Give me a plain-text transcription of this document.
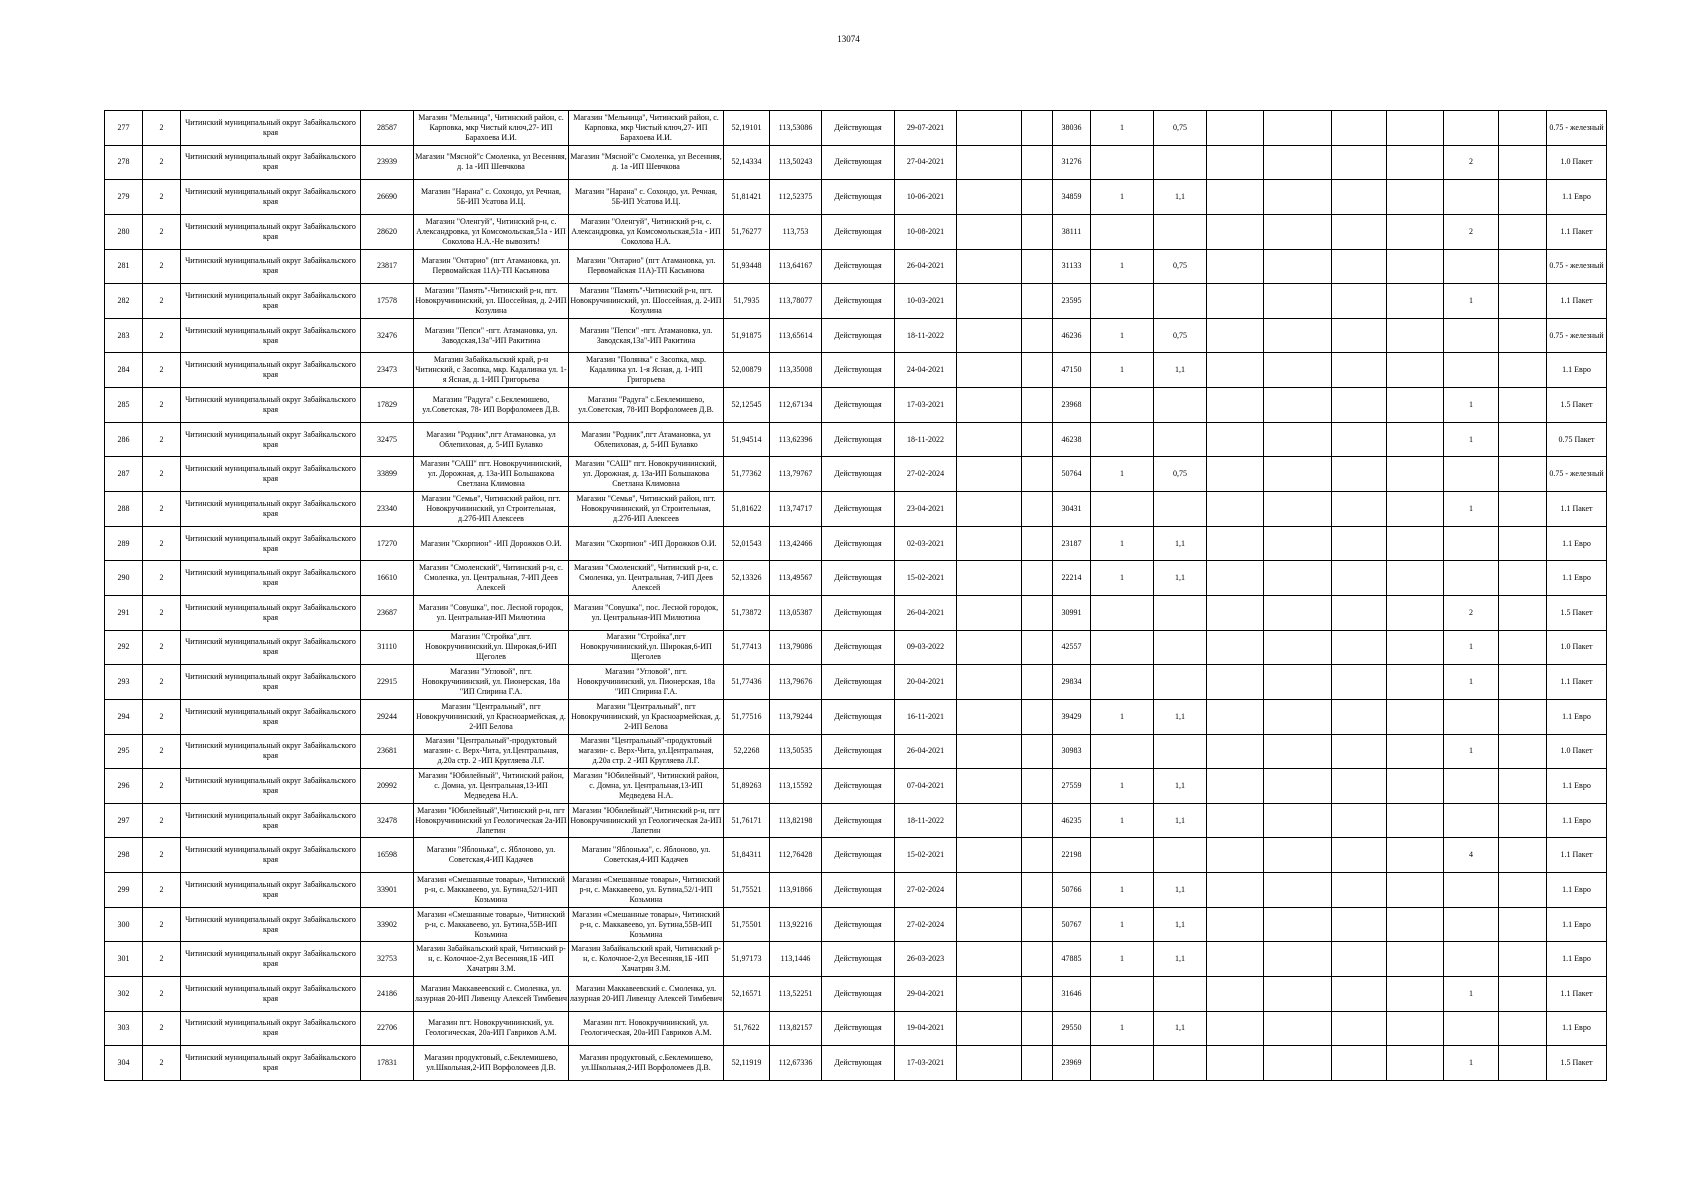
13074
277	2	Читинский муниципальный округ Забайкальского края	28587	Магазин "Мельница", Читинский район, с. Карповка, мкр Чистый ключ,27- ИП Барахоева И.И.	Магазин "Мельница", Читинский район, с. Карповка, мкр Чистый ключ,27- ИП Барахоева И.И.	52,19101	113,53086	Действующая	29-07-2021			38036	1	0,75							0.75 - железный
278	2	Читинский муниципальный округ Забайкальского края	23939	Магазин "Мясной"с Смоленка, ул Весенняя, д. 1а -ИП Шевчкова	Магазин "Мясной"с Смоленка, ул Весенняя, д. 1а -ИП Шевчкова	52,14334	113,50243	Действующая	27-04-2021			31276							2		1.0 Пакет
279	2	Читинский муниципальный округ Забайкальского края	26690	Магазин "Нарана" с. Сохондо, ул Речная, 5Б-ИП Усатова И.Ц.	Магазин "Нарана" с. Сохондо, ул. Речная, 5Б-ИП Усатова И.Ц.	51,81421	112,52375	Действующая	10-06-2021			34859	1	1,1							1.1 Евро
280	2	Читинский муниципальный округ Забайкальского края	28620	Магазин "Оленгуй", Читинский р-н, с. Александровка, ул Комсомольская,51а - ИП Соколова Н.А.-Не вывозить!	Магазин "Оленгуй", Читинский р-н, с. Александровка, ул Комсомольская,51а - ИП Соколова Н.А.	51,76277	113,753	Действующая	10-08-2021			38111							2		1.1 Пакет
281	2	Читинский муниципальный округ Забайкальского края	23817	Магазин "Онтарио" (пгт Атамановка, ул. Первомайская 11А)-ТП Касьянова	Магазин "Онтарио" (пгт Атамановка, ул. Первомайская 11А)-ТП Касьянова	51,93448	113,64167	Действующая	26-04-2021			31133	1	0,75							0.75 - железный
282	2	Читинский муниципальный округ Забайкальского края	17578	Магазин "Память"-Читинский р-н, пгт. Новокручининский, ул. Шоссейная, д. 2-ИП Козулина	Магазин "Память"-Читинский р-н, пгт. Новокручининский, ул. Шоссейная, д. 2-ИП Козулина	51,7935	113,78077	Действующая	10-03-2021			23595							1		1.1 Пакет
283	2	Читинский муниципальный округ Забайкальского края	32476	Магазин "Пепси" -пгт. Атамановка, ул. Заводская,13а"-ИП Ракитина	Магазин "Пепси" -пгт. Атамановка, ул. Заводская,13а"-ИП Ракитина	51,91875	113,65614	Действующая	18-11-2022			46236	1	0,75							0.75 - железный
284	2	Читинский муниципальный округ Забайкальского края	23473	Магазин Забайкальский край, р-н Читинский, с Засопка, мкр. Кадалинка ул. 1-я Ясная, д. 1-ИП Григорьева	Магазин "Полянка" с Засопка, мкр. Кадалинка ул. 1-я Ясная, д. 1-ИП Григорьева	52,00879	113,35008	Действующая	24-04-2021			47150	1	1,1							1.1 Евро
285	2	Читинский муниципальный округ Забайкальского края	17829	Магазин "Радуга" с.Беклемишево, ул.Советская, 78- ИП Ворфоломеев Д.В.	Магазин "Радуга" с.Беклемишево, ул.Советская, 78-ИП Ворфоломеев Д.В.	52,12545	112,67134	Действующая	17-03-2021			23968							1		1.5 Пакет
286	2	Читинский муниципальный округ Забайкальского края	32475	Магазин "Родник",пгт Атамановка, ул Облепиховая, д. 5-ИП Булавко	Магазин "Родник",пгт Атамановка, ул Облепиховая, д. 5-ИП Булавко	51,94514	113,62396	Действующая	18-11-2022			46238							1		0.75 Пакет
287	2	Читинский муниципальный округ Забайкальского края	33899	Магазин "САШ" пгт. Новокручининский, ул. Дорожная, д. 13а-ИП Большакова Светлана Климовна	Магазин "САШ" пгт. Новокручининский, ул. Дорожная, д. 13а-ИП Большакова Светлана Климовна	51,77362	113,79767	Действующая	27-02-2024			50764	1	0,75							0.75 - железный
288	2	Читинский муниципальный округ Забайкальского края	23340	Магазин "Семья", Читинский район, пгт. Новокручининский, ул Строительная, д.27б-ИП Алексеев	Магазин "Семья", Читинский район, пгт. Новокручининский, ул Строительная, д.27б-ИП Алексеев	51,81622	113,74717	Действующая	23-04-2021			30431							1		1.1 Пакет
289	2	Читинский муниципальный округ Забайкальского края	17270	Магазин "Скорпион" -ИП Дорожков О.И.	Магазин "Скорпион" -ИП Дорожков О.И.	52,01543	113,42466	Действующая	02-03-2021			23187	1	1,1							1.1 Евро
290	2	Читинский муниципальный округ Забайкальского края	16610	Магазин "Смоленский", Читинский р-н, с. Смоленка, ул. Центральная, 7-ИП Деев Алексей	Магазин "Смоленский", Читинский р-н, с. Смоленка, ул. Центральная, 7-ИП Деев Алексей	52,13326	113,49567	Действующая	15-02-2021			22214	1	1,1							1.1 Евро
291	2	Читинский муниципальный округ Забайкальского края	23687	Магазин "Совушка", пос. Лесной городок, ул. Центральная-ИП Милютина	Магазин "Совушка", пос. Лесной городок, ул. Центральная-ИП Милютина	51,73872	113,05387	Действующая	26-04-2021			30991							2		1.5 Пакет
292	2	Читинский муниципальный округ Забайкальского края	31110	Магазин "Стройка",пгт. Новокручининский,ул. Широкая,6-ИП Щеголев	Магазин "Стройка",пгт Новокручининский,ул. Широкая,6-ИП Щеголев	51,77413	113,79086	Действующая	09-03-2022			42557							1		1.0 Пакет
293	2	Читинский муниципальный округ Забайкальского края	22915	Магазин "Угловой", пгт. Новокручининский, ул. Пионерская, 18а "ИП Спирина Г.А.	Магазин "Угловой", пгт. Новокручининский, ул. Пионерская, 18а "ИП Спирина Г.А.	51,77436	113,79676	Действующая	20-04-2021			29834							1		1.1 Пакет
294	2	Читинский муниципальный округ Забайкальского края	29244	Магазин "Центральный", пгт Новокручининский, ул Красноармейская, д. 2-ИП Белова	Магазин "Центральный", пгт Новокручининский, ул Красноармейская, д. 2-ИП Белова	51,77516	113,79244	Действующая	16-11-2021			39429	1	1,1							1.1 Евро
295	2	Читинский муниципальный округ Забайкальского края	23681	Магазин "Центральный"-продуктовый магазин- с. Верх-Чита, ул.Центральная, д.20а стр. 2 -ИП Кругляева Л.Г.	Магазин "Центральный"-продуктовый магазин- с. Верх-Чита, ул.Центральная, д.20а стр. 2 -ИП Кругляева Л.Г.	52,2268	113,50535	Действующая	26-04-2021			30983							1		1.0 Пакет
296	2	Читинский муниципальный округ Забайкальского края	20992	Магазин "Юбилейный", Читинский район, с. Домна, ул. Центральная,13-ИП Медведева Н.А.	Магазин "Юбилейный", Читинский район, с. Домна, ул. Центральная,13-ИП Медведева Н.А.	51,89263	113,15592	Действующая	07-04-2021			27559	1	1,1							1.1 Евро
297	2	Читинский муниципальный округ Забайкальского края	32478	Магазин "Юбилейный",Читинский р-н, пгт Новокручининский ул Геологическая 2а-ИП Лапетин	Магазин "Юбилейный",Читинский р-н, пгт Новокручининский ул Геологическая 2а-ИП Лапетин	51,76171	113,82198	Действующая	18-11-2022			46235	1	1,1							1.1 Евро
298	2	Читинский муниципальный округ Забайкальского края	16598	Магазин "Яблонька", с. Яблоново, ул. Советская,4-ИП Кадачев	Магазин "Яблонька", с. Яблоново, ул. Советская,4-ИП Кадачев	51,84311	112,76428	Действующая	15-02-2021			22198							4		1.1 Пакет
299	2	Читинский муниципальный округ Забайкальского края	33901	Магазин «Смешанные товары», Читинский р-н, с. Маккавеево, ул. Бутина,52/1-ИП Козьмина	Магазин «Смешанные товары», Читинский р-н, с. Маккавеево, ул. Бутина,52/1-ИП Козьмина	51,75521	113,91866	Действующая	27-02-2024			50766	1	1,1							1.1 Евро
300	2	Читинский муниципальный округ Забайкальского края	33902	Магазин «Смешанные товары», Читинский р-н, с. Маккавеево, ул. Бутина,55В-ИП Козьмина	Магазин «Смешанные товары», Читинский р-н, с. Маккавеево, ул. Бутина,55В-ИП Козьмина	51,75501	113,92216	Действующая	27-02-2024			50767	1	1,1							1.1 Евро
301	2	Читинский муниципальный округ Забайкальского края	32753	Магазин Забайкальский край, Читинский р-н, с. Колочное-2,ул Весенняя,1Б -ИП Хачатрян З.М.	Магазин Забайкальский край, Читинский р-н, с. Колочное-2,ул Весенняя,1Б -ИП Хачатрян З.М.	51,97173	113,1446	Действующая	26-03-2023			47885	1	1,1							1.1 Евро
302	2	Читинский муниципальный округ Забайкальского края	24186	Магазин Маккавеевский с. Смоленка, ул. лазурная 20-ИП Ливенцу Алексей Тимбевич	Магазин Маккавеевский с. Смоленка, ул. лазурная 20-ИП Ливенцу Алексей Тимбевич	52,16571	113,52251	Действующая	29-04-2021			31646							1		1.1 Пакет
303	2	Читинский муниципальный округ Забайкальского края	22706	Магазин пгт. Новокручининский, ул. Геологическая, 20а-ИП Гавриков А.М.	Магазин пгт. Новокручининский, ул. Геологическая, 20а-ИП Гавриков А.М.	51,7622	113,82157	Действующая	19-04-2021			29550	1	1,1							1.1 Евро
304	2	Читинский муниципальный округ Забайкальского края	17831	Магазин продуктовый, с.Беклемишево, ул.Школьная,2-ИП Ворфоломеев Д.В.	Магазин продуктовый, с.Беклемишево, ул.Школьная,2-ИП Ворфоломеев Д.В.	52,11919	112,67336	Действующая	17-03-2021			23969							1		1.5 Пакет
